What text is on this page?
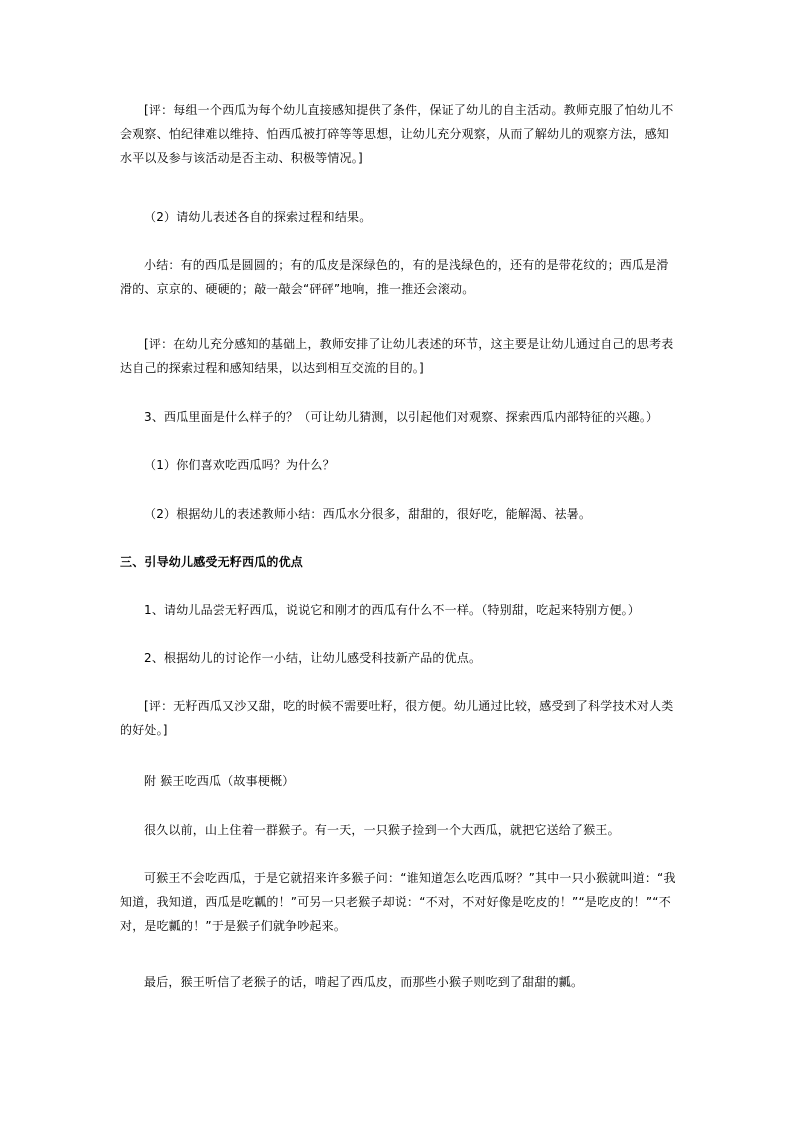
[评：每组一个西瓜为每个幼儿直接感知提供了条件，保证了幼儿的自主活动。教师克服了怕幼儿不会观察、怕纪律难以维持、怕西瓜被打碎等等思想，让幼儿充分观察，从而了解幼儿的观察方法，感知水平以及参与该活动是否主动、积极等情况。]

（2）请幼儿表述各自的探索过程和结果。

小结：有的西瓜是圆圆的；有的瓜皮是深绿色的，有的是浅绿色的，还有的是带花纹的；西瓜是滑滑的、京京的、硬硬的；敲一敲会“砰砰”地响，推一推还会滚动。

[评：在幼儿充分感知的基础上，教师安排了让幼儿表述的环节，这主要是让幼儿通过自己的思考表达自己的探索过程和感知结果，以达到相互交流的目的。]

3、西瓜里面是什么样子的？（可让幼儿猜测，以引起他们对观察、探索西瓜内部特征的兴趣。）

（1）你们喜欢吃西瓜吗？为什么？

（2）根据幼儿的表述教师小结：西瓜水分很多，甜甜的，很好吃，能解渴、祛暑。

三、引导幼儿感受无籽西瓜的优点

1、请幼儿品尝无籽西瓜，说说它和刚才的西瓜有什么不一样。（特别甜，吃起来特别方便。）

2、根据幼儿的讨论作一小结，让幼儿感受科技新产品的优点。

[评：无籽西瓜又沙又甜，吃的时候不需要吐籽，很方便。幼儿通过比较，感受到了科学技术对人类的好处。]

附 猴王吃西瓜（故事梗概）

很久以前，山上住着一群猴子。有一天，一只猴子捡到一个大西瓜，就把它送给了猴王。

可猴王不会吃西瓜，于是它就招来许多猴子问：“谁知道怎么吃西瓜呀？”其中一只小猴就叫道：“我知道，我知道，西瓜是吃瓤的！”可另一只老猴子却说：“不对，不对好像是吃皮的！”“是吃皮的！”“不对，是吃瓤的！”于是猴子们就争吵起来。

最后，猴王听信了老猴子的话，啃起了西瓜皮，而那些小猴子则吃到了甜甜的瓤。
